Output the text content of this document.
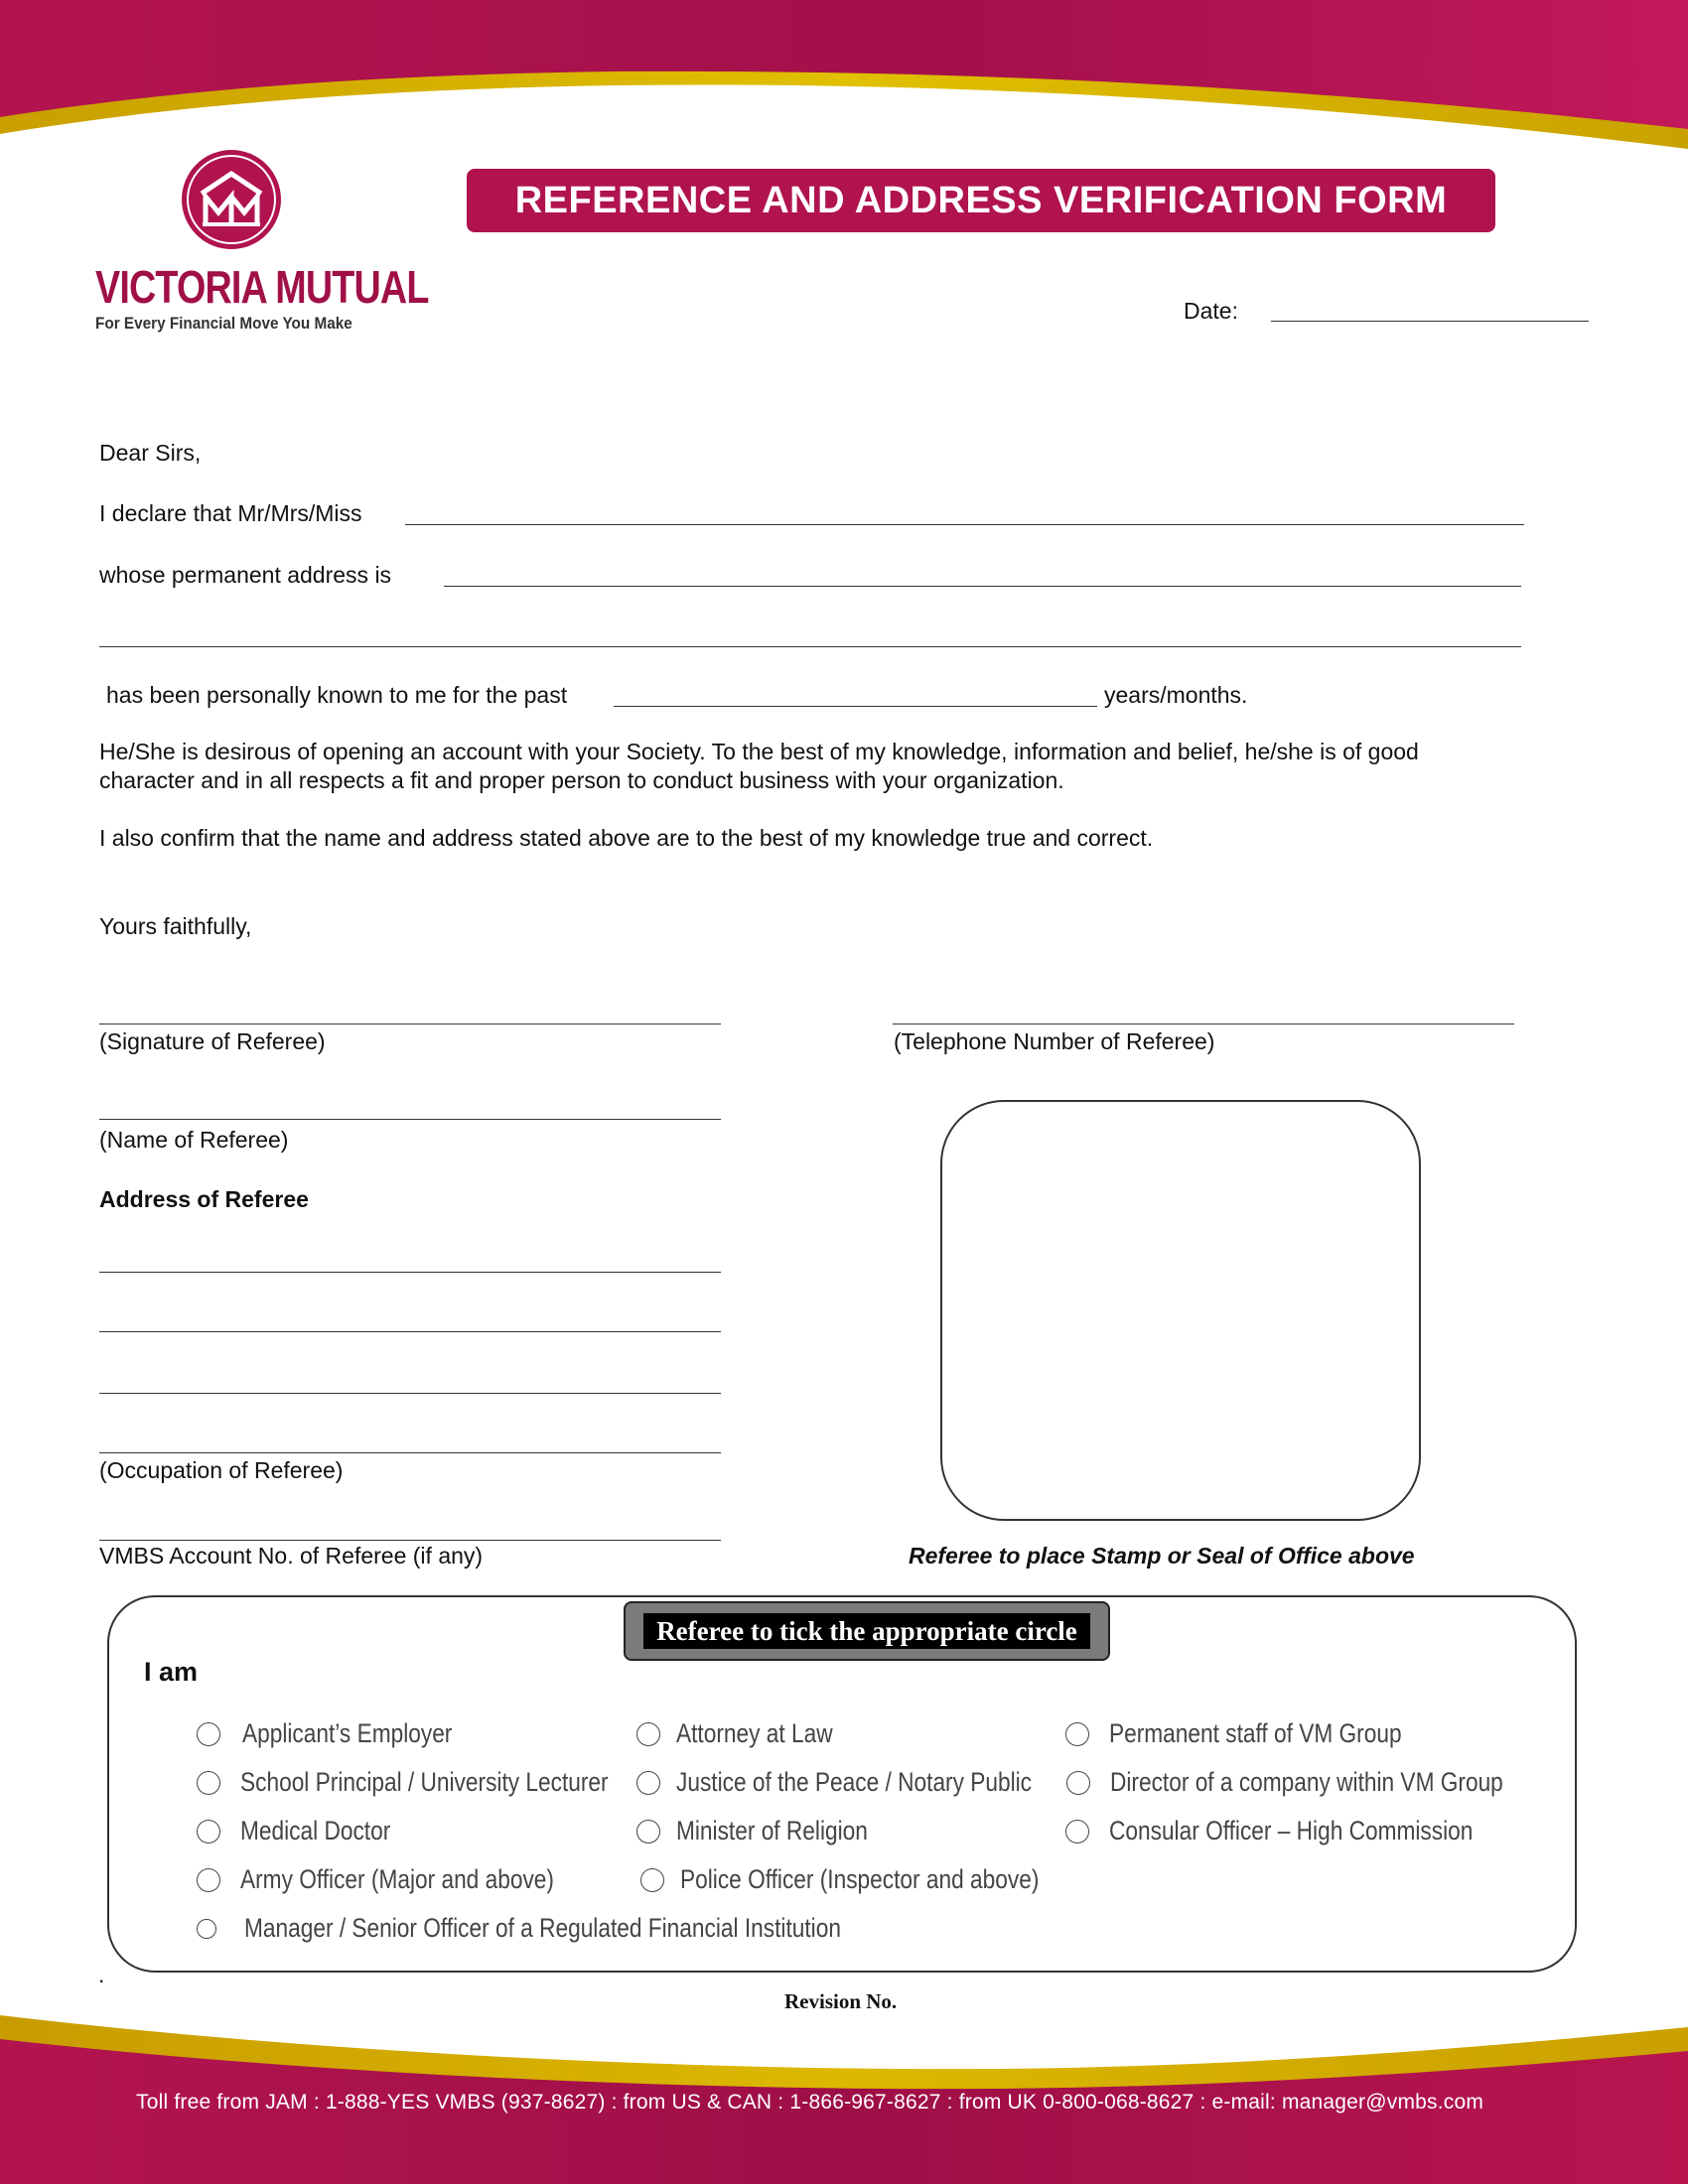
VICTORIA MUTUAL
For Every Financial Move You Make
REFERENCE AND ADDRESS VERIFICATION FORM
Date:
Dear Sirs,
I declare that Mr/Mrs/Miss
whose permanent address is
has been personally known to me for the past	years/months.
He/She is desirous of opening an account with your Society. To the best of my knowledge, information and belief, he/she is of good
character and in all respects a fit and proper person to conduct business with your organization.
I also confirm that the name and address stated above are to the best of my knowledge true and correct.
Yours faithfully,
(Signature of Referee)	(Telephone Number of Referee)
(Name of Referee)
Address of Referee
(Occupation of Referee)
VMBS Account No. of Referee (if any)	Referee to place Stamp or Seal of Office above
Referee to tick the appropriate circle
I am
Applicant’s Employer
School Principal / University Lecturer
Medical Doctor
Army Officer (Major and above)
Manager / Senior Officer of a Regulated Financial Institution
Attorney at Law
Justice of the Peace / Notary Public
Minister of Religion
Police Officer (Inspector and above)
Permanent staff of VM Group
Director of a company within VM Group
Consular Officer – High Commission
.
Revision No.
Toll free from JAM : 1-888-YES VMBS (937-8627) : from US & CAN : 1-866-967-8627 : from UK 0-800-068-8627 : e-mail: manager@vmbs.com
